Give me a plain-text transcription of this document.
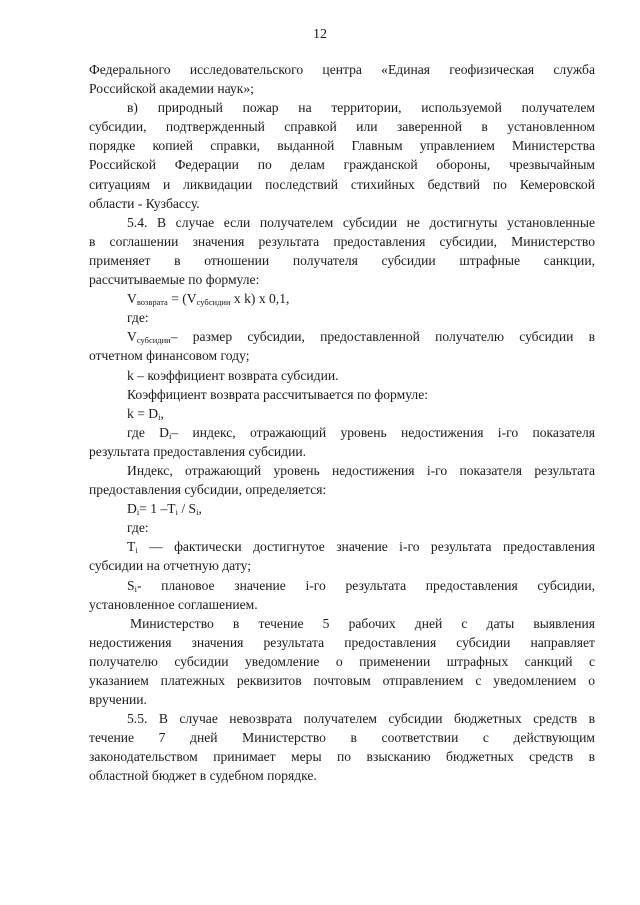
12
Федерального исследовательского центра «Единая геофизическая служба
Российской академии наук»;
в) природный пожар на территории, используемой получателем
субсидии, подтвержденный справкой или заверенной в установленном
порядке копией справки, выданной Главным управлением Министерства
Российской Федерации по делам гражданской обороны, чрезвычайным
ситуациям и ликвидации последствий стихийных бедствий по Кемеровской
области - Кузбассу.
5.4. В случае если получателем субсидии не достигнуты установленные
в соглашении значения результата предоставления субсидии, Министерство
применяет в отношении получателя субсидии штрафные санкции,
рассчитываемые по формуле:
$V_{возврата} = (V_{субсидии}$ x k) x 0,1,
где:
$V_{субсидии}-$ размер субсидии, предоставленной получателю субсидии в
отчетном финансовом году;
k – коэффициент возврата субсидии.
Коэффициент возврата рассчитывается по формуле:
$k = D_i$,
где $D_i-$ индекс, отражающий уровень недостижения i-го показателя
результата предоставления субсидии.
Индекс, отражающий уровень недостижения i-го показателя результата
предоставления субсидии, определяется:
$D_i= 1$ $-T_i / S_i$,
где:
$T_i$ –– фактически достигнутое значение i-го результата предоставления
субсидии на отчетную дату;
$S_i-$ плановое значение i-го результата предоставления субсидии,
установленное соглашением.
Министерство в течение 5 рабочих дней с даты выявления
недостижения значения результата предоставления субсидии направляет
получателю субсидии уведомление о применении штрафных санкций с
указанием платежных реквизитов почтовым отправлением с уведомлением о
вручении.
5.5. В случае невозврата получателем субсидии бюджетных средств в
течение 7 дней Министерство в соответствии с действующим
законодательством принимает меры по взысканию бюджетных средств в
областной бюджет в судебном порядке.
